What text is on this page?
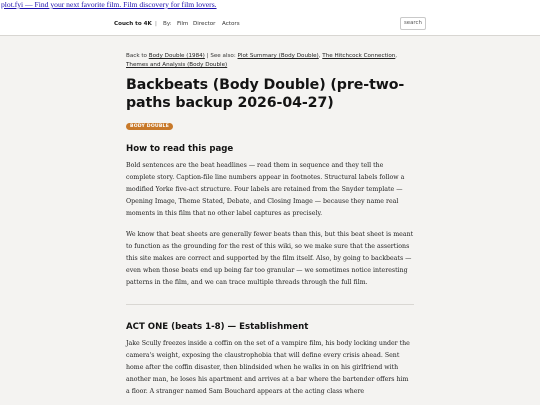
plot.fyi — Find your next favorite film. Film discovery for film lovers.
Couch to 4K | By: Film Director Actors	search
Back to Body Double (1984) | See also: Plot Summary (Body Double), The Hitchcock Connection, Themes and Analysis (Body Double)
Backbeats (Body Double) (pre-two-paths backup 2026-04-27)
BODY DOUBLE
How to read this page

Bold sentences are the beat headlines — read them in sequence and they tell the complete story. Caption-file line numbers appear in footnotes. Structural labels follow a modified Yorke five-act structure. Four labels are retained from the Snyder template — Opening Image, Theme Stated, Debate, and Closing Image — because they name real moments in this film that no other label captures as precisely.

We know that beat sheets are generally fewer beats than this, but this beat sheet is meant to function as the grounding for the rest of this wiki, so we make sure that the assertions this site makes are correct and supported by the film itself. Also, by going to backbeats — even when those beats end up being far too granular — we sometimes notice interesting patterns in the film, and we can trace multiple threads through the full film.

ACT ONE (beats 1-8) — Establishment

Jake Scully freezes inside a coffin on the set of a vampire film, his body locking under the camera's weight, exposing the claustrophobia that will define every crisis ahead. Sent home after the coffin disaster, then blindsided when he walks in on his girlfriend with another man, he loses his apartment and arrives at a bar where the bartender offers him a floor. A stranger named Sam Bouchard appears at the acting class where
